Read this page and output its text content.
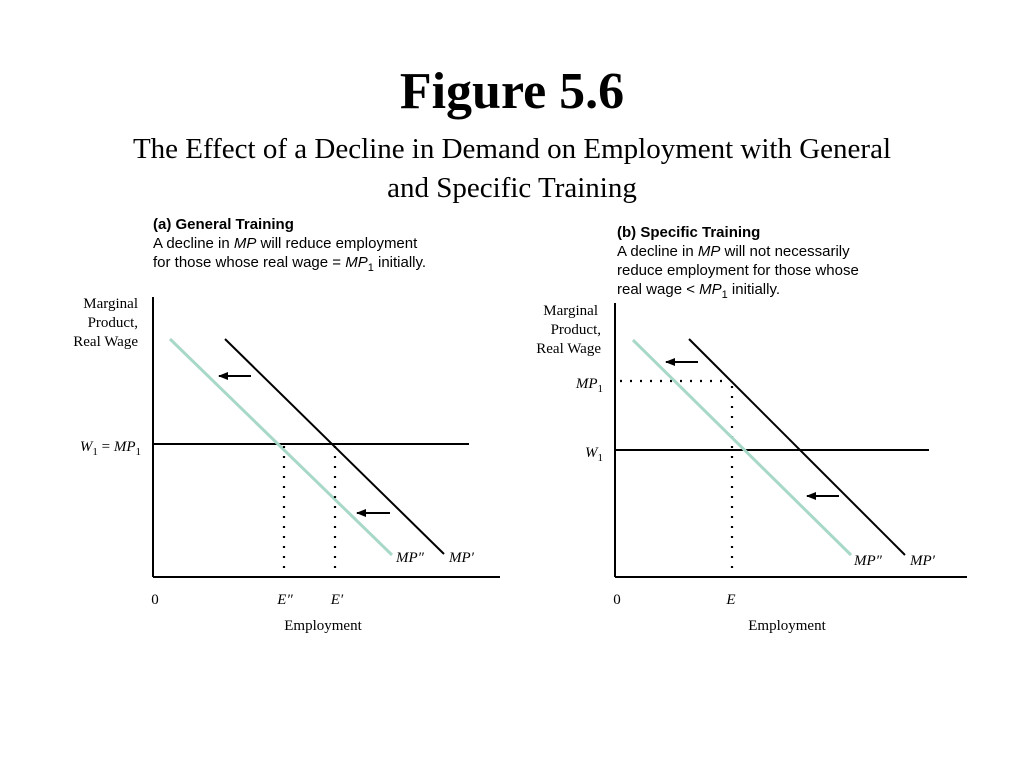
Figure 5.6
The Effect of a Decline in Demand on Employment with General and Specific Training
(a) General Training
A decline in MP will reduce employment
for those whose real wage = $MP_1$ initially.
Marginal
Product,
Real Wage
$W_1 = MP_1$
MP″ MP′
0	E″	E′
Employment
(b) Specific Training
A decline in MP will not necessarily
reduce employment for those whose
real wage < $MP_1$ initially.
Marginal
Product,
Real Wage
$MP_1$
$W_1$
MP″ MP′
0	E
Employment
